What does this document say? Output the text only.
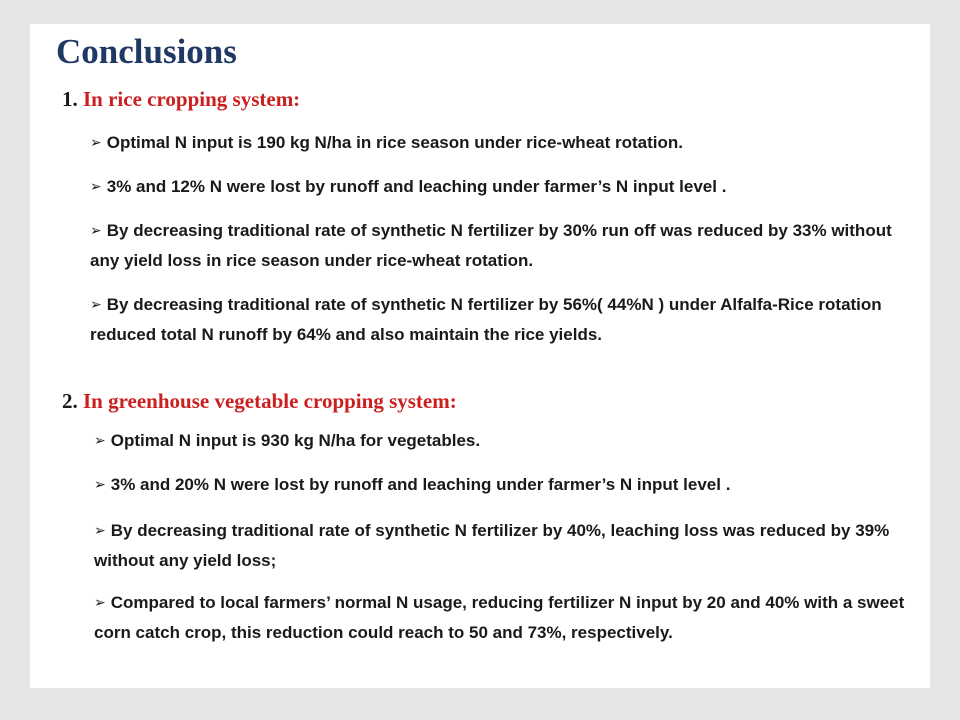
Conclusions
1. In rice cropping system:
➢ Optimal N input is 190 kg N/ha in rice season under rice-wheat rotation.
➢ 3% and 12% N were lost by runoff and leaching under farmer’s N input level .
➢ By decreasing traditional rate of synthetic N fertilizer by 30% run off was reduced by 33% without any yield loss in rice season under rice-wheat rotation.
➢ By decreasing traditional rate of synthetic N fertilizer by 56%( 44%N ) under Alfalfa-Rice rotation reduced total N runoff by 64% and also maintain the rice yields.
2. In greenhouse vegetable cropping system:
➢ Optimal N input is 930 kg N/ha for vegetables.
➢ 3% and 20% N were lost by runoff and leaching under farmer’s N input level .
➢ By decreasing traditional rate of synthetic N fertilizer by 40%, leaching loss was reduced by 39% without any yield loss;
➢ Compared to local farmers’ normal N usage, reducing fertilizer N input by 20 and 40% with a sweet corn catch crop, this reduction could reach to 50 and 73%, respectively.
